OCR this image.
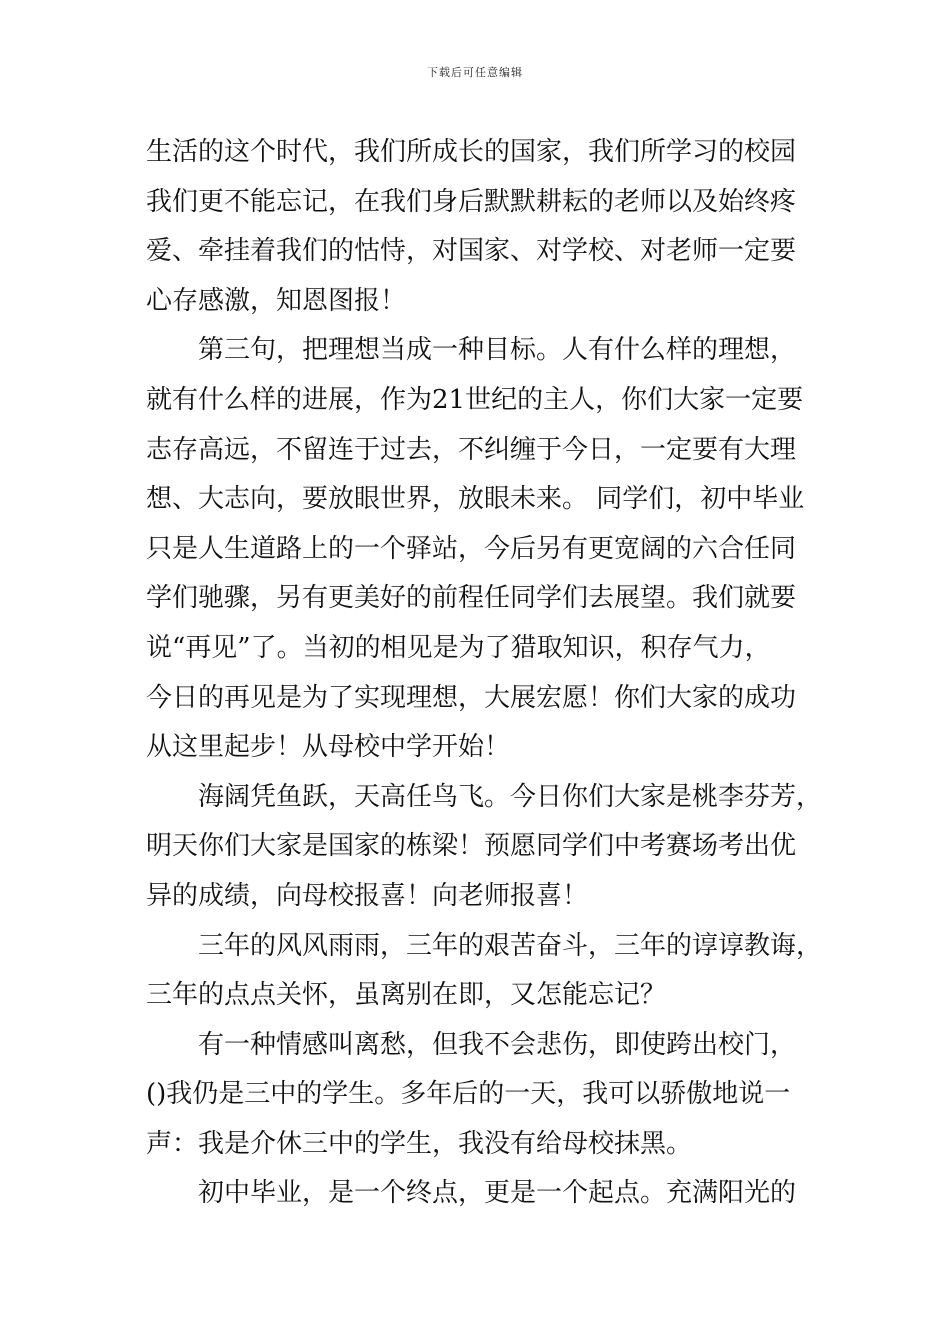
下载后可任意编辑
生活的这个时代，我们所成长的国家，我们所学习的校园
我们更不能忘记，在我们身后默默耕耘的老师以及始终疼
爱、牵挂着我们的怙恃，对国家、对学校、对老师一定要
心存感激，知恩图报！
　　第三句，把理想当成一种目标。人有什么样的理想，
就有什么样的进展，作为21世纪的主人，你们大家一定要
志存高远，不留连于过去，不纠缠于今日，一定要有大理
想、大志向，要放眼世界，放眼未来。 同学们，初中毕业
只是人生道路上的一个驿站，今后另有更宽阔的六合任同
学们驰骤，另有更美好的前程任同学们去展望。我们就要
说“再见”了。当初的相见是为了猎取知识，积存气力，
今日的再见是为了实现理想，大展宏愿！你们大家的成功
从这里起步！从母校中学开始！
　　海阔凭鱼跃，天高任鸟飞。今日你们大家是桃李芬芳，
明天你们大家是国家的栋梁！预愿同学们中考赛场考出优
异的成绩，向母校报喜！向老师报喜！
　　三年的风风雨雨，三年的艰苦奋斗，三年的谆谆教诲，
三年的点点关怀，虽离别在即，又怎能忘记？
　　有一种情感叫离愁，但我不会悲伤，即使跨出校门，
()我仍是三中的学生。多年后的一天，我可以骄傲地说一
声：我是介休三中的学生，我没有给母校抹黑。
　　初中毕业，是一个终点，更是一个起点。充满阳光的
